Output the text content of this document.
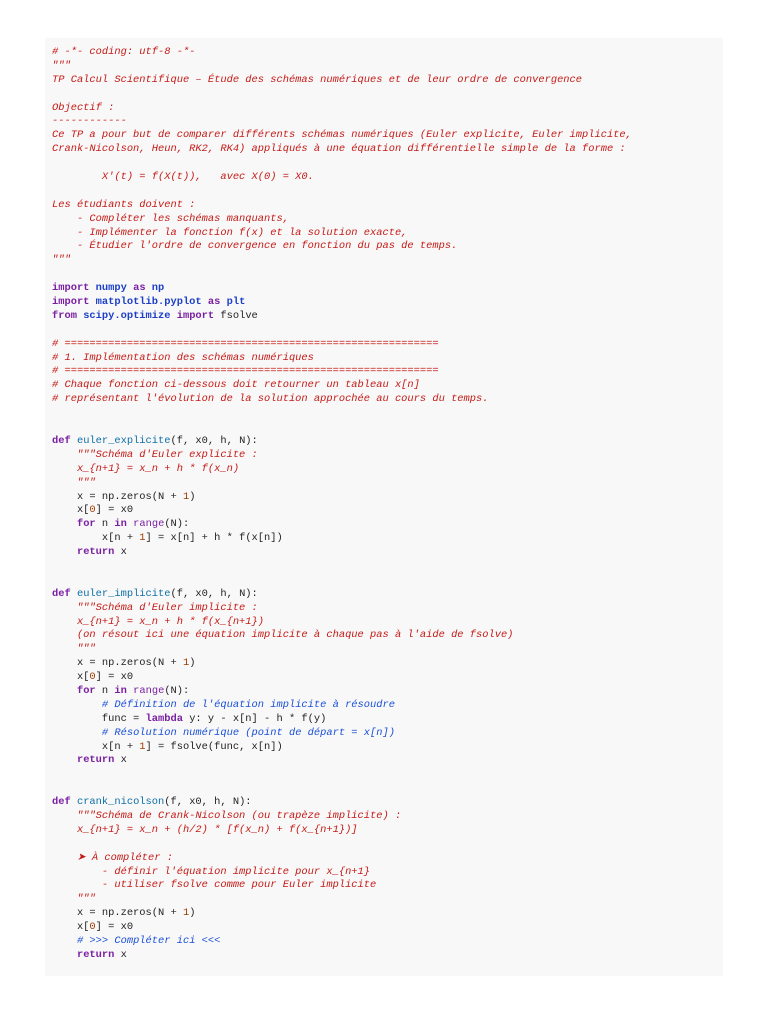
# -*- coding: utf-8 -*-
"""
TP Calcul Scientifique – Étude des schémas numériques et de leur ordre de convergence

Objectif :
------------
Ce TP a pour but de comparer différents schémas numériques (Euler explicite, Euler implicite,
Crank-Nicolson, Heun, RK2, RK4) appliqués à une équation différentielle simple de la forme :

X'(t) = f(X(t)),   avec X(0) = X0.

Les étudiants doivent :
- Compléter les schémas manquants,
- Implémenter la fonction f(x) et la solution exacte,
- Étudier l'ordre de convergence en fonction du pas de temps.
"""

import numpy as np
import matplotlib.pyplot as plt
from scipy.optimize import fsolve

# ============================================================
# 1. Implémentation des schémas numériques
# ============================================================
# Chaque fonction ci-dessous doit retourner un tableau x[n]
# représentant l'évolution de la solution approchée au cours du temps.

def euler_explicite(f, x0, h, N):
"""Schéma d'Euler explicite :
x_{n+1} = x_n + h * f(x_n)
"""
x = np.zeros(N + 1)
x[0] = x0
for n in range(N):
x[n + 1] = x[n] + h * f(x[n])
return x

def euler_implicite(f, x0, h, N):
"""Schéma d'Euler implicite :
x_{n+1} = x_n + h * f(x_{n+1})
(on résout ici une équation implicite à chaque pas à l'aide de fsolve)
"""
x = np.zeros(N + 1)
x[0] = x0
for n in range(N):
# Définition de l'équation implicite à résoudre
func = lambda y: y - x[n] - h * f(y)
# Résolution numérique (point de départ = x[n])
x[n + 1] = fsolve(func, x[n])
return x

def crank_nicolson(f, x0, h, N):
"""Schéma de Crank-Nicolson (ou trapèze implicite) :
x_{n+1} = x_n + (h/2) * [f(x_n) + f(x_{n+1})]

➤ À compléter :
- définir l'équation implicite pour x_{n+1}
- utiliser fsolve comme pour Euler implicite
"""
x = np.zeros(N + 1)
x[0] = x0
# >>> Compléter ici <<<
return x
